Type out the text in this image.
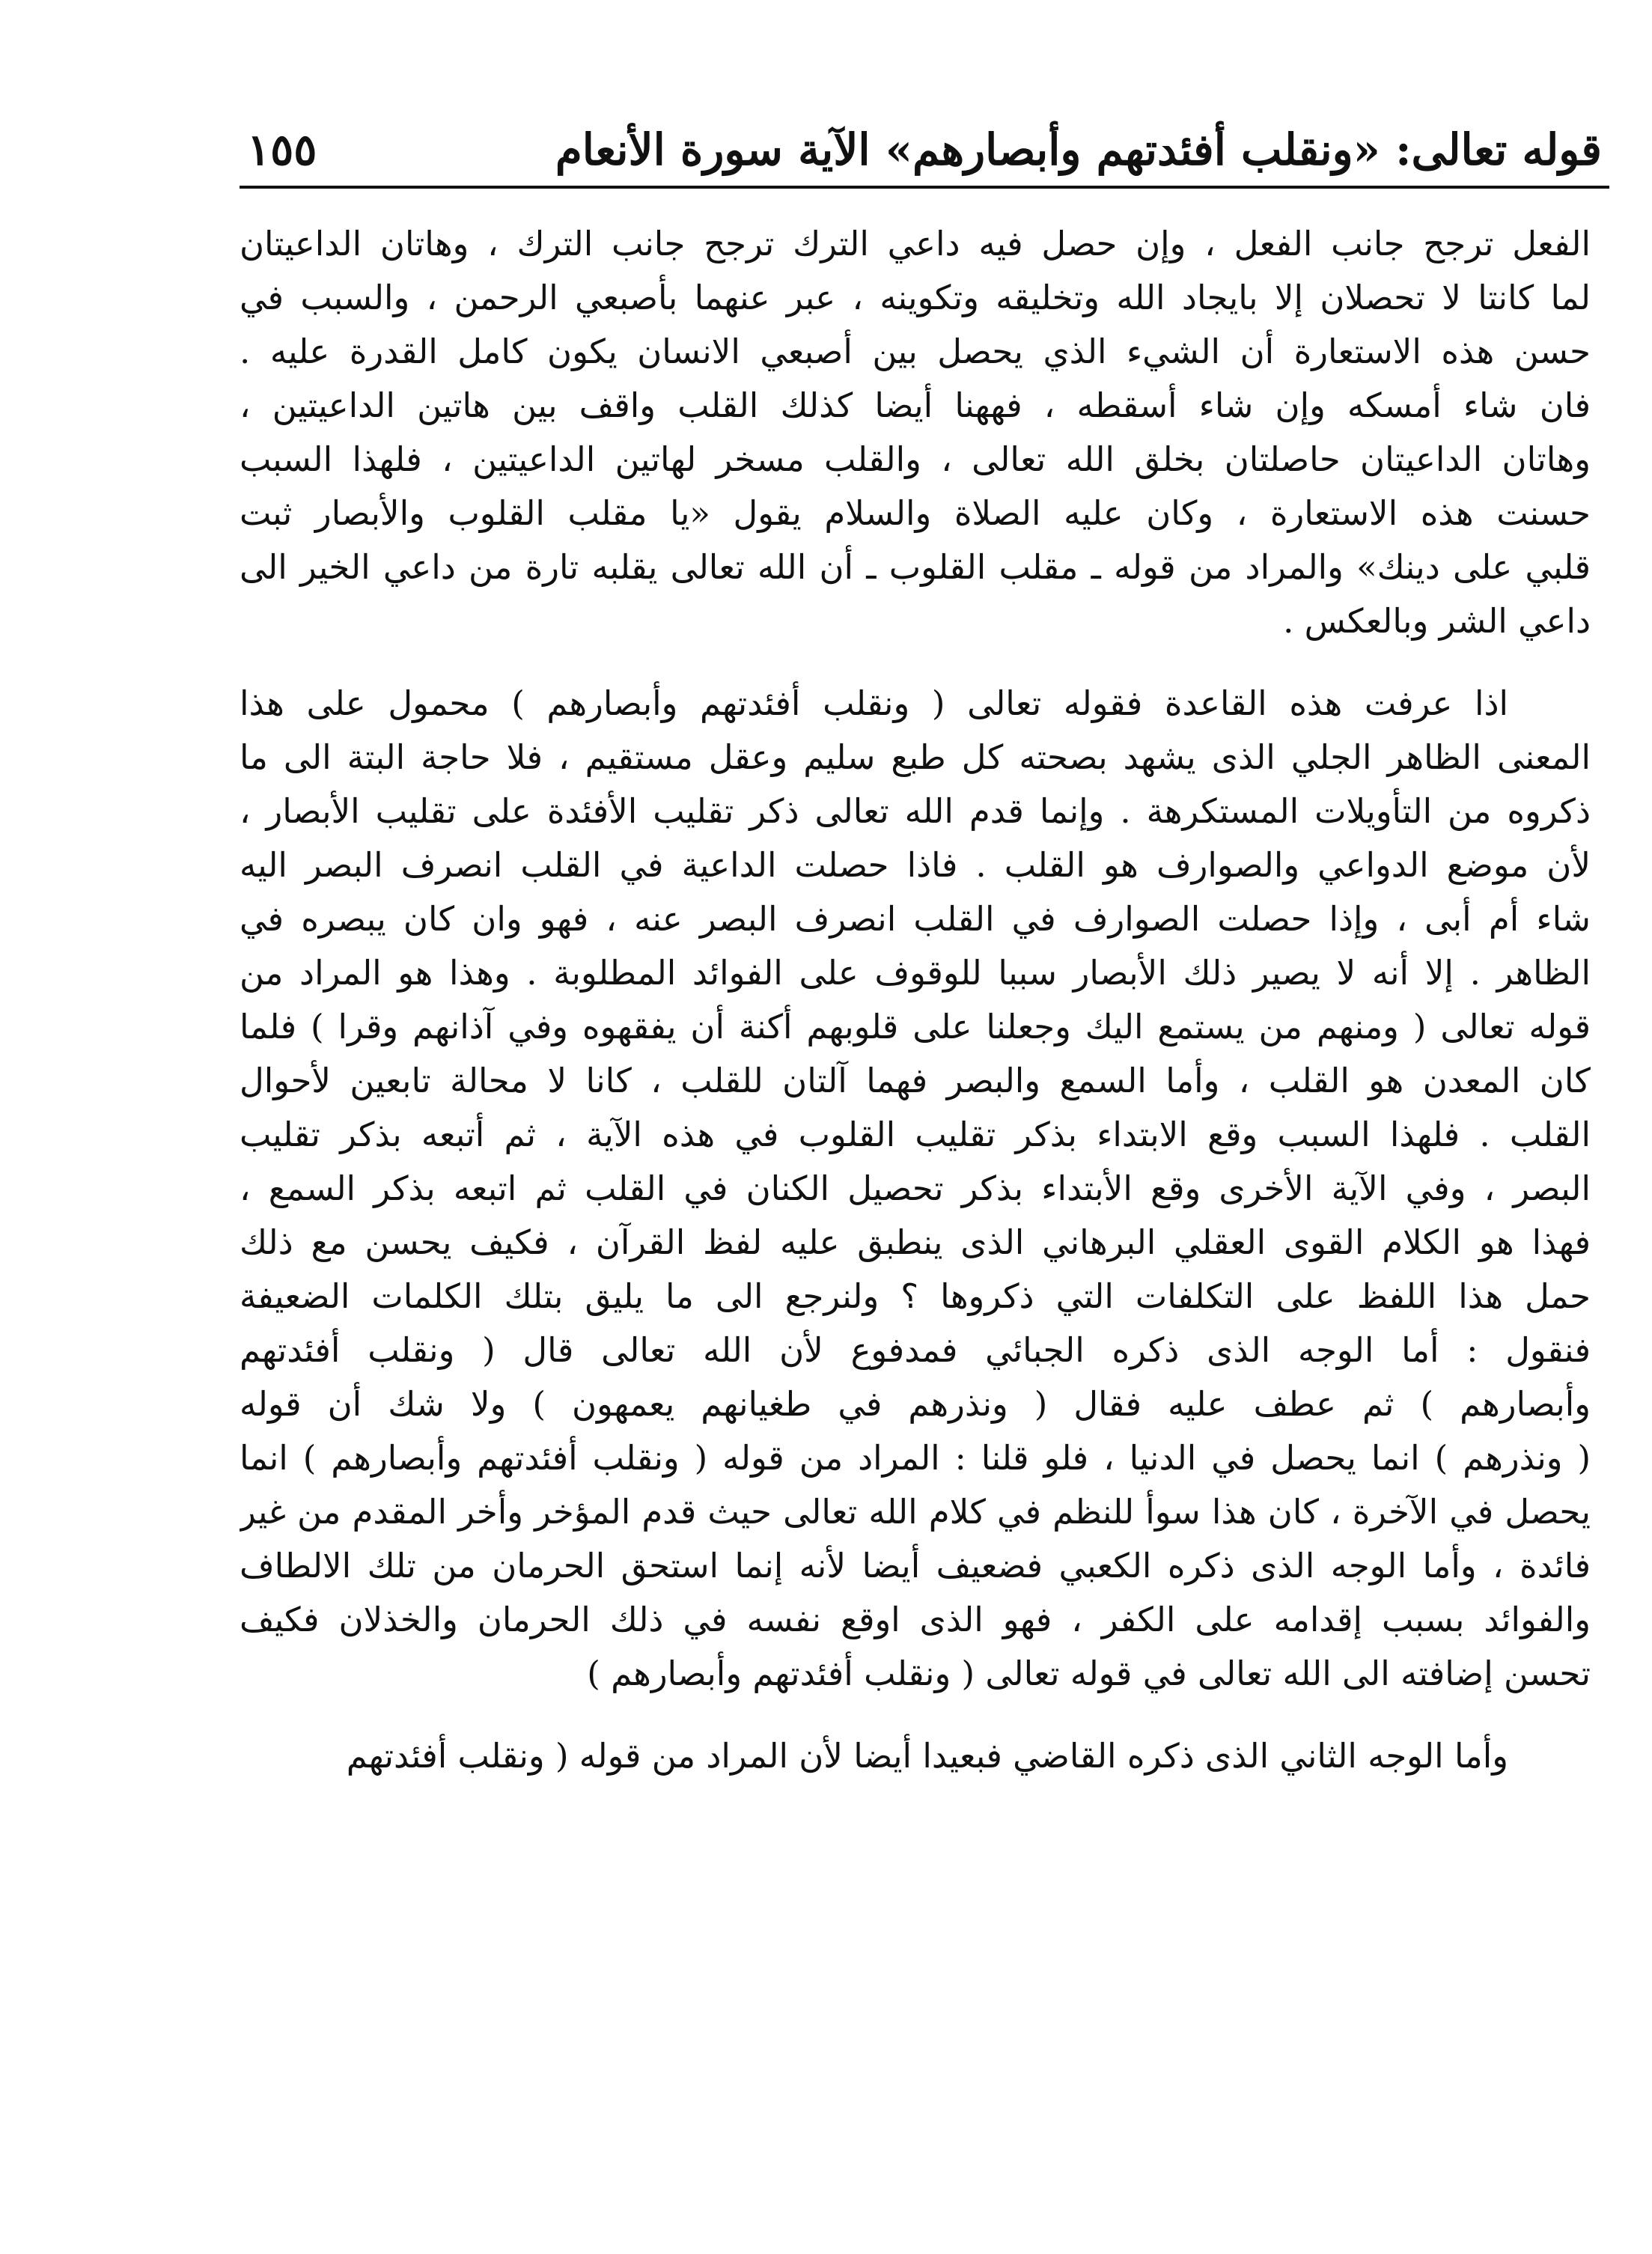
قوله تعالى: «ونقلب أفئدتهم وأبصارهم» الآية سورة الأنعام
١٥٥
الفعل ترجح جانب الفعل ، وإن حصل فيه داعي الترك ترجح جانب الترك ، وهاتان الداعيتان
لما كانتا لا تحصلان إلا بايجاد الله وتخليقه وتكوينه ، عبر عنهما بأصبعي الرحمن ، والسبب في
حسن هذه الاستعارة أن الشيء الذي يحصل بين أصبعي الانسان يكون كامل القدرة عليه .
فان شاء أمسكه وإن شاء أسقطه ، فههنا أيضا كذلك القلب واقف بين هاتين الداعيتين ،
وهاتان الداعيتان حاصلتان بخلق الله تعالى ، والقلب مسخر لهاتين الداعيتين ، فلهذا السبب
حسنت هذه الاستعارة ، وكان عليه الصلاة والسلام يقول «يا مقلب القلوب والأبصار ثبت
قلبي على دينك» والمراد من قوله ـ مقلب القلوب ـ أن الله تعالى يقلبه تارة من داعي الخير الى
داعي الشر وبالعكس .
اذا عرفت هذه القاعدة فقوله تعالى ( ونقلب أفئدتهم وأبصارهم ) محمول على هذا
المعنى الظاهر الجلي الذى يشهد بصحته كل طبع سليم وعقل مستقيم ، فلا حاجة البتة الى ما
ذكروه من التأويلات المستكرهة . وإنما قدم الله تعالى ذكر تقليب الأفئدة على تقليب الأبصار ،
لأن موضع الدواعي والصوارف هو القلب . فاذا حصلت الداعية في القلب انصرف البصر اليه
شاء أم أبى ، وإذا حصلت الصوارف في القلب انصرف البصر عنه ، فهو وان كان يبصره في
الظاهر . إلا أنه لا يصير ذلك الأبصار سببا للوقوف على الفوائد المطلوبة . وهذا هو المراد من
قوله تعالى ( ومنهم من يستمع اليك وجعلنا على قلوبهم أكنة أن يفقهوه وفي آذانهم وقرا ) فلما
كان المعدن هو القلب ، وأما السمع والبصر فهما آلتان للقلب ، كانا لا محالة تابعين لأحوال
القلب . فلهذا السبب وقع الابتداء بذكر تقليب القلوب في هذه الآية ، ثم أتبعه بذكر تقليب
البصر ، وفي الآية الأخرى وقع الأبتداء بذكر تحصيل الكنان في القلب ثم اتبعه بذكر السمع ،
فهذا هو الكلام القوى العقلي البرهاني الذى ينطبق عليه لفظ القرآن ، فكيف يحسن مع ذلك
حمل هذا اللفظ على التكلفات التي ذكروها ؟ ولنرجع الى ما يليق بتلك الكلمات الضعيفة
فنقول : أما الوجه الذى ذكره الجبائي فمدفوع لأن الله تعالى قال ( ونقلب أفئدتهم
وأبصارهم ) ثم عطف عليه فقال ( ونذرهم في طغيانهم يعمهون ) ولا شك أن قوله
( ونذرهم ) انما يحصل في الدنيا ، فلو قلنا : المراد من قوله ( ونقلب أفئدتهم وأبصارهم ) انما
يحصل في الآخرة ، كان هذا سوأ للنظم في كلام الله تعالى حيث قدم المؤخر وأخر المقدم من غير
فائدة ، وأما الوجه الذى ذكره الكعبي فضعيف أيضا لأنه إنما استحق الحرمان من تلك الالطاف
والفوائد بسبب إقدامه على الكفر ، فهو الذى اوقع نفسه في ذلك الحرمان والخذلان فكيف
تحسن إضافته الى الله تعالى في قوله تعالى ( ونقلب أفئدتهم وأبصارهم )
وأما الوجه الثاني الذى ذكره القاضي فبعيدا أيضا لأن المراد من قوله ( ونقلب أفئدتهم
